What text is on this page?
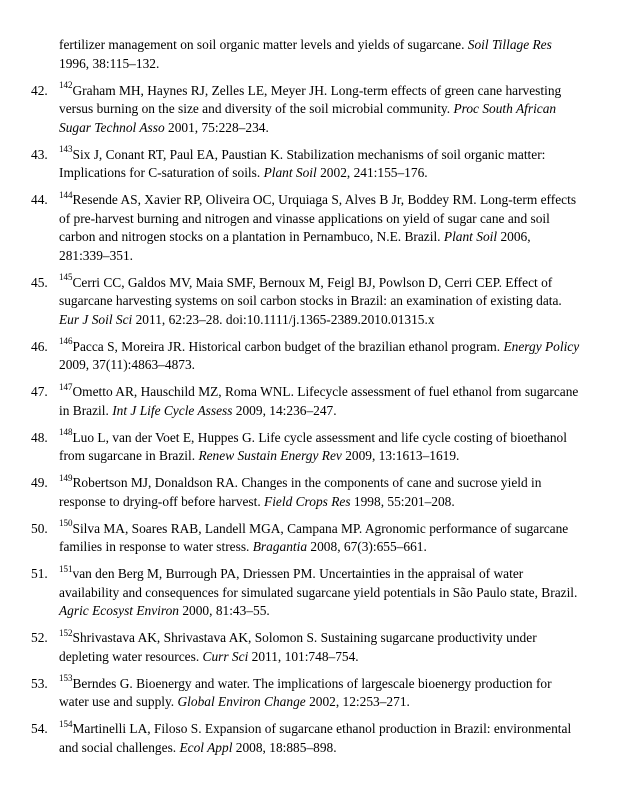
fertilizer management on soil organic matter levels and yields of sugarcane. Soil Tillage Res 1996, 38:115–132.
42. $^{142}$Graham MH, Haynes RJ, Zelles LE, Meyer JH. Long-term effects of green cane harvesting versus burning on the size and diversity of the soil microbial community. Proc South African Sugar Technol Asso 2001, 75:228–234.
43. $^{143}$Six J, Conant RT, Paul EA, Paustian K. Stabilization mechanisms of soil organic matter: Implications for C-saturation of soils. Plant Soil 2002, 241:155–176.
44. $^{144}$Resende AS, Xavier RP, Oliveira OC, Urquiaga S, Alves B Jr, Boddey RM. Long-term effects of pre-harvest burning and nitrogen and vinasse applications on yield of sugar cane and soil carbon and nitrogen stocks on a plantation in Pernambuco, N.E. Brazil. Plant Soil 2006, 281:339–351.
45. $^{145}$Cerri CC, Galdos MV, Maia SMF, Bernoux M, Feigl BJ, Powlson D, Cerri CEP. Effect of sugarcane harvesting systems on soil carbon stocks in Brazil: an examination of existing data. Eur J Soil Sci 2011, 62:23–28. doi:10.1111/j.1365-2389.2010.01315.x
46. $^{146}$Pacca S, Moreira JR. Historical carbon budget of the brazilian ethanol program. Energy Policy 2009, 37(11):4863–4873.
47. $^{147}$Ometto AR, Hauschild MZ, Roma WNL. Lifecycle assessment of fuel ethanol from sugarcane in Brazil. Int J Life Cycle Assess 2009, 14:236–247.
48. $^{148}$Luo L, van der Voet E, Huppes G. Life cycle assessment and life cycle costing of bioethanol from sugarcane in Brazil. Renew Sustain Energy Rev 2009, 13:1613–1619.
49. $^{149}$Robertson MJ, Donaldson RA. Changes in the components of cane and sucrose yield in response to drying-off before harvest. Field Crops Res 1998, 55:201–208.
50. $^{150}$Silva MA, Soares RAB, Landell MGA, Campana MP. Agronomic performance of sugarcane families in response to water stress. Bragantia 2008, 67(3):655–661.
51. $^{151}$van den Berg M, Burrough PA, Driessen PM. Uncertainties in the appraisal of water availability and consequences for simulated sugarcane yield potentials in São Paulo state, Brazil. Agric Ecosyst Environ 2000, 81:43–55.
52. $^{152}$Shrivastava AK, Shrivastava AK, Solomon S. Sustaining sugarcane productivity under depleting water resources. Curr Sci 2011, 101:748–754.
53. $^{153}$Berndes G. Bioenergy and water. The implications of largescale bioenergy production for water use and supply. Global Environ Change 2002, 12:253–271.
54. $^{154}$Martinelli LA, Filoso S. Expansion of sugarcane ethanol production in Brazil: environmental and social challenges. Ecol Appl 2008, 18:885–898.
